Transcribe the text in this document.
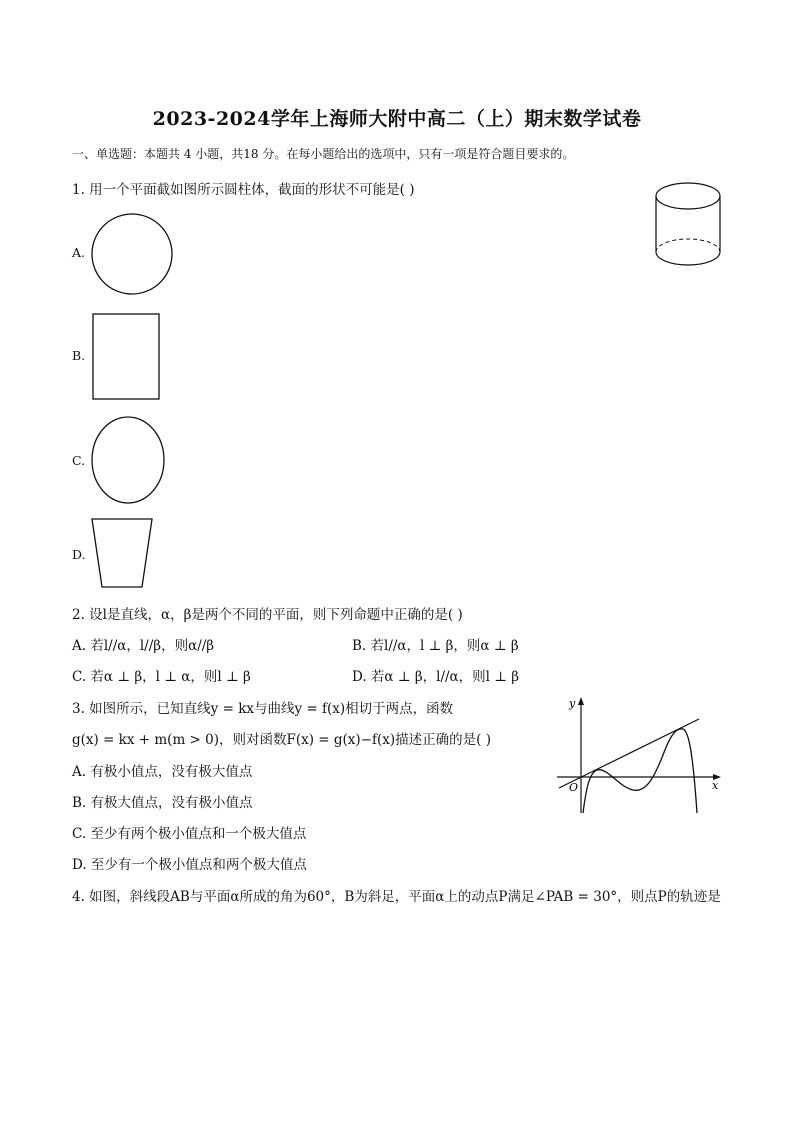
2023-2024学年上海师大附中高二（上）期末数学试卷
一、单选题：本题共 4 小题，共18 分。在每小题给出的选项中，只有一项是符合题目要求的。
1. 用一个平面截如图所示圆柱体，截面的形状不可能是( )
A.
B.
C.
D.
2. 设l是直线，α，β是两个不同的平面，则下列命题中正确的是( )
A. 若l//α，l//β，则α//β	B. 若l//α，l ⊥ β，则α ⊥ β
C. 若α ⊥ β，l ⊥ α，则l ⊥ β	D. 若α ⊥ β，l//α，则l ⊥ β
3. 如图所示，已知直线y = kx与曲线y = f(x)相切于两点，函数
g(x) = kx + m(m > 0)，则对函数F(x) = g(x)−f(x)描述正确的是( )
A. 有极小值点，没有极大值点
B. 有极大值点，没有极小值点
C. 至少有两个极小值点和一个极大值点
D. 至少有一个极小值点和两个极大值点
y
x
O
4. 如图，斜线段AB与平面α所成的角为60°，B为斜足，平面α上的动点P满足∠PAB = 30°，则点P的轨迹是
